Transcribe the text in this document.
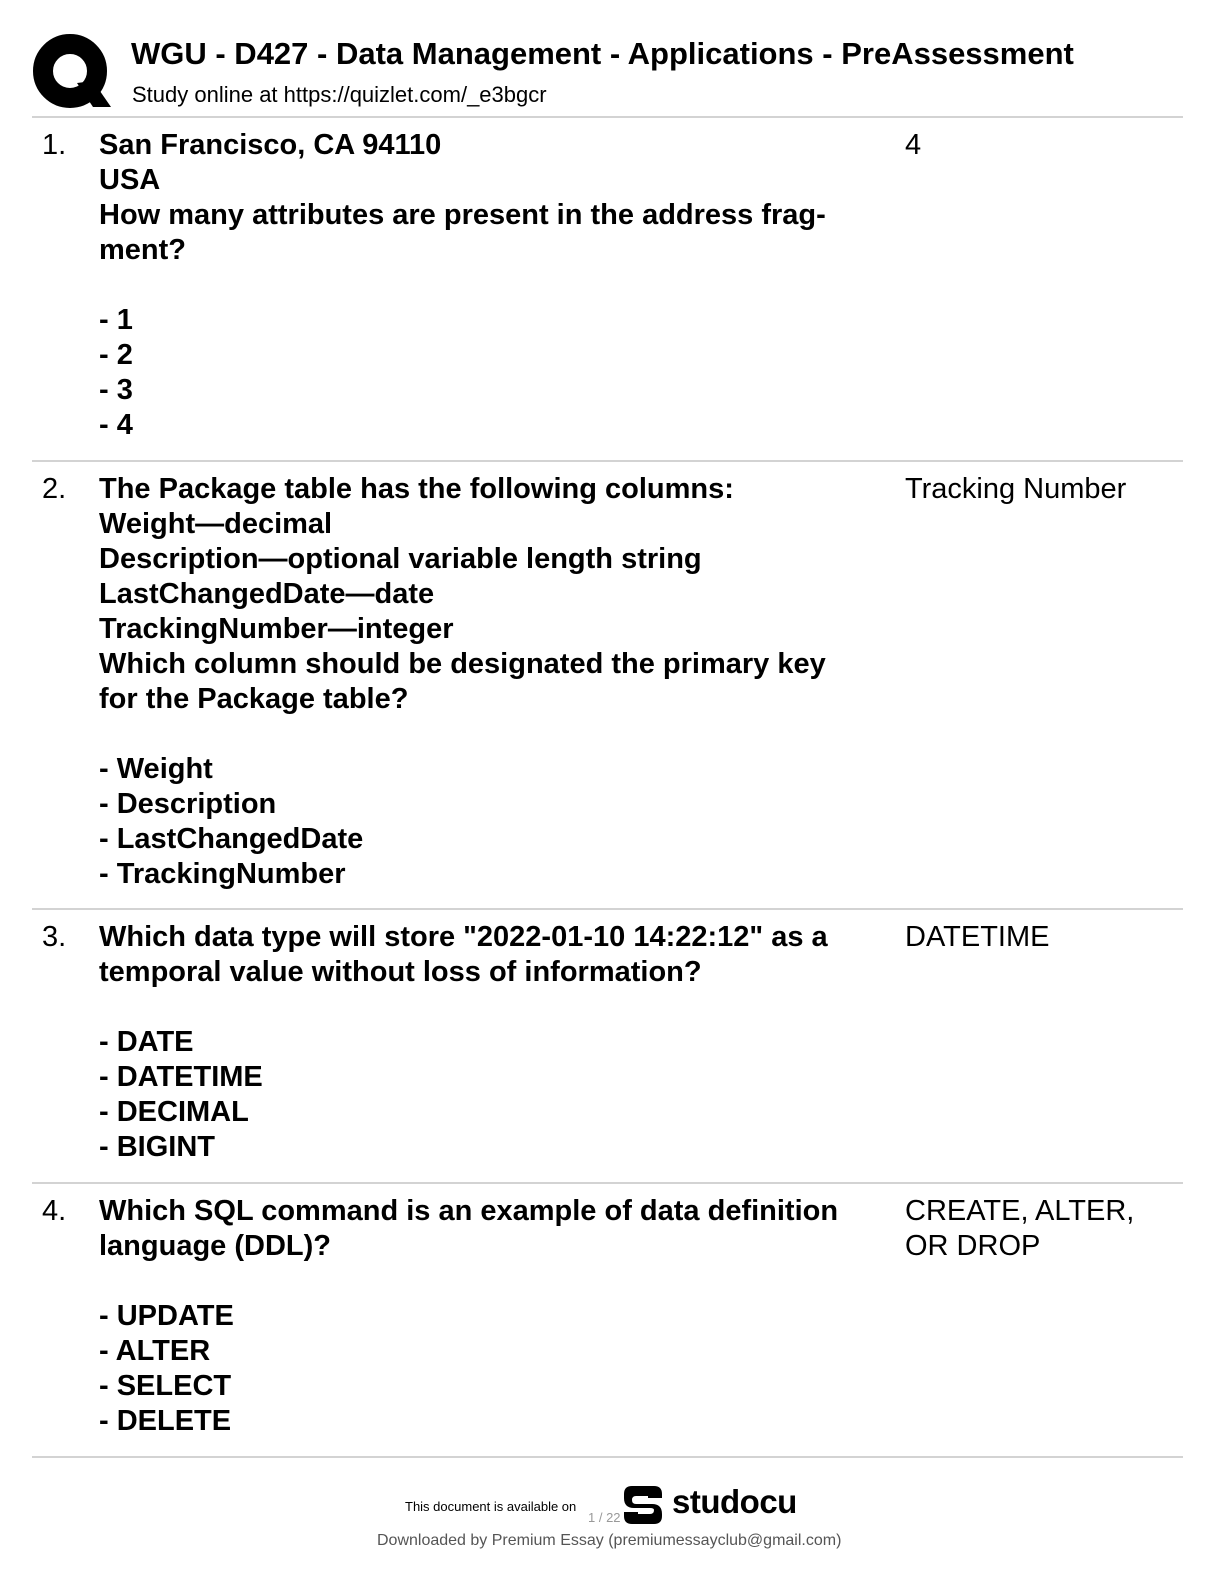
WGU - D427 - Data Management - Applications - PreAssessment
Study online at https://quizlet.com/_e3bgcr
1. San Francisco, CA 94110
USA
How many attributes are present in the address frag-
ment?
- 1
- 2
- 3
- 4
4
2. The Package table has the following columns:
Weight—decimal
Description—optional variable length string
LastChangedDate—date
TrackingNumber—integer
Which column should be designated the primary key
for the Package table?
- Weight
- Description
- LastChangedDate
- TrackingNumber
Tracking Number
3. Which data type will store "2022-01-10 14:22:12" as a
temporal value without loss of information?
- DATE
- DATETIME
- DECIMAL
- BIGINT
DATETIME
4. Which SQL command is an example of data definition
language (DDL)?
- UPDATE
- ALTER
- SELECT
- DELETE
CREATE, ALTER,
OR DROP
This document is available on
1 / 22 studocu
Downloaded by Premium Essay (premiumessayclub@gmail.com)
